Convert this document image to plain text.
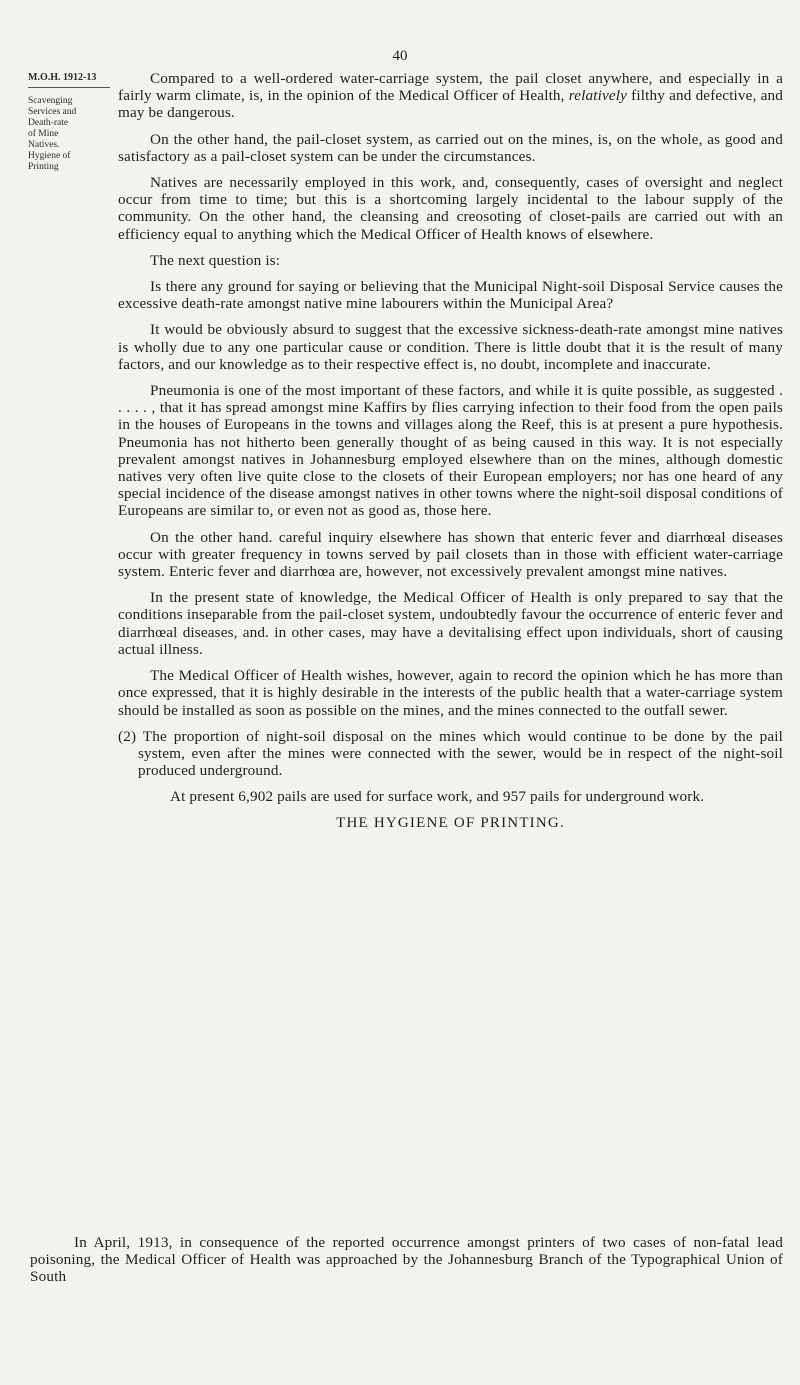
40
M.O.H. 1912-13
Scavenging
Services and
Death-rate
of Mine
Natives.
Hygiene of
Printing

Compared to a well-ordered water-carriage system, the pail closet anywhere, and especially in a fairly warm climate, is, in the opinion of the Medical Officer of Health, relatively filthy and defective, and may be dangerous.

On the other hand, the pail-closet system, as carried out on the mines, is, on the whole, as good and satisfactory as a pail-closet system can be under the circumstances.

Natives are necessarily employed in this work, and, consequently, cases of oversight and neglect occur from time to time; but this is a shortcoming largely incidental to the labour supply of the community. On the other hand, the cleansing and creosoting of closet-pails are carried out with an efficiency equal to anything which the Medical Officer of Health knows of elsewhere.

The next question is:

Is there any ground for saying or believing that the Municipal Night-soil Disposal Service causes the excessive death-rate amongst native mine labourers within the Municipal Area?

It would be obviously absurd to suggest that the excessive sickness-death-rate amongst mine natives is wholly due to any one particular cause or condition. There is little doubt that it is the result of many factors, and our knowledge as to their respective effect is, no doubt, incomplete and inaccurate.

Pneumonia is one of the most important of these factors, and while it is quite possible, as suggested . . . . . , that it has spread amongst mine Kaffirs by flies carrying infection to their food from the open pails in the houses of Europeans in the towns and villages along the Reef, this is at present a pure hypothesis. Pneumonia has not hitherto been generally thought of as being caused in this way. It is not especially prevalent amongst natives in Johannesburg employed elsewhere than on the mines, although domestic natives very often live quite close to the closets of their European employers; nor has one heard of any special incidence of the disease amongst natives in other towns where the night-soil disposal conditions of Europeans are similar to, or even not as good as, those here.

On the other hand. careful inquiry elsewhere has shown that enteric fever and diarrhœal diseases occur with greater frequency in towns served by pail closets than in those with efficient water-carriage system. Enteric fever and diarrhœa are, however, not excessively prevalent amongst mine natives.

In the present state of knowledge, the Medical Officer of Health is only prepared to say that the conditions inseparable from the pail-closet system, undoubtedly favour the occurrence of enteric fever and diarrhœal diseases, and. in other cases, may have a devitalising effect upon individuals, short of causing actual illness.

The Medical Officer of Health wishes, however, again to record the opinion which he has more than once expressed, that it is highly desirable in the interests of the public health that a water-carriage system should be installed as soon as possible on the mines, and the mines connected to the outfall sewer.

(2) The proportion of night-soil disposal on the mines which would continue to be done by the pail system, even after the mines were connected with the sewer, would be in respect of the night-soil produced underground.

At present 6,902 pails are used for surface work, and 957 pails for underground work.

THE HYGIENE OF PRINTING.

In April, 1913, in consequence of the reported occurrence amongst printers of two cases of non-fatal lead poisoning, the Medical Officer of Health was approached by the Johannesburg Branch of the Typographical Union of South
